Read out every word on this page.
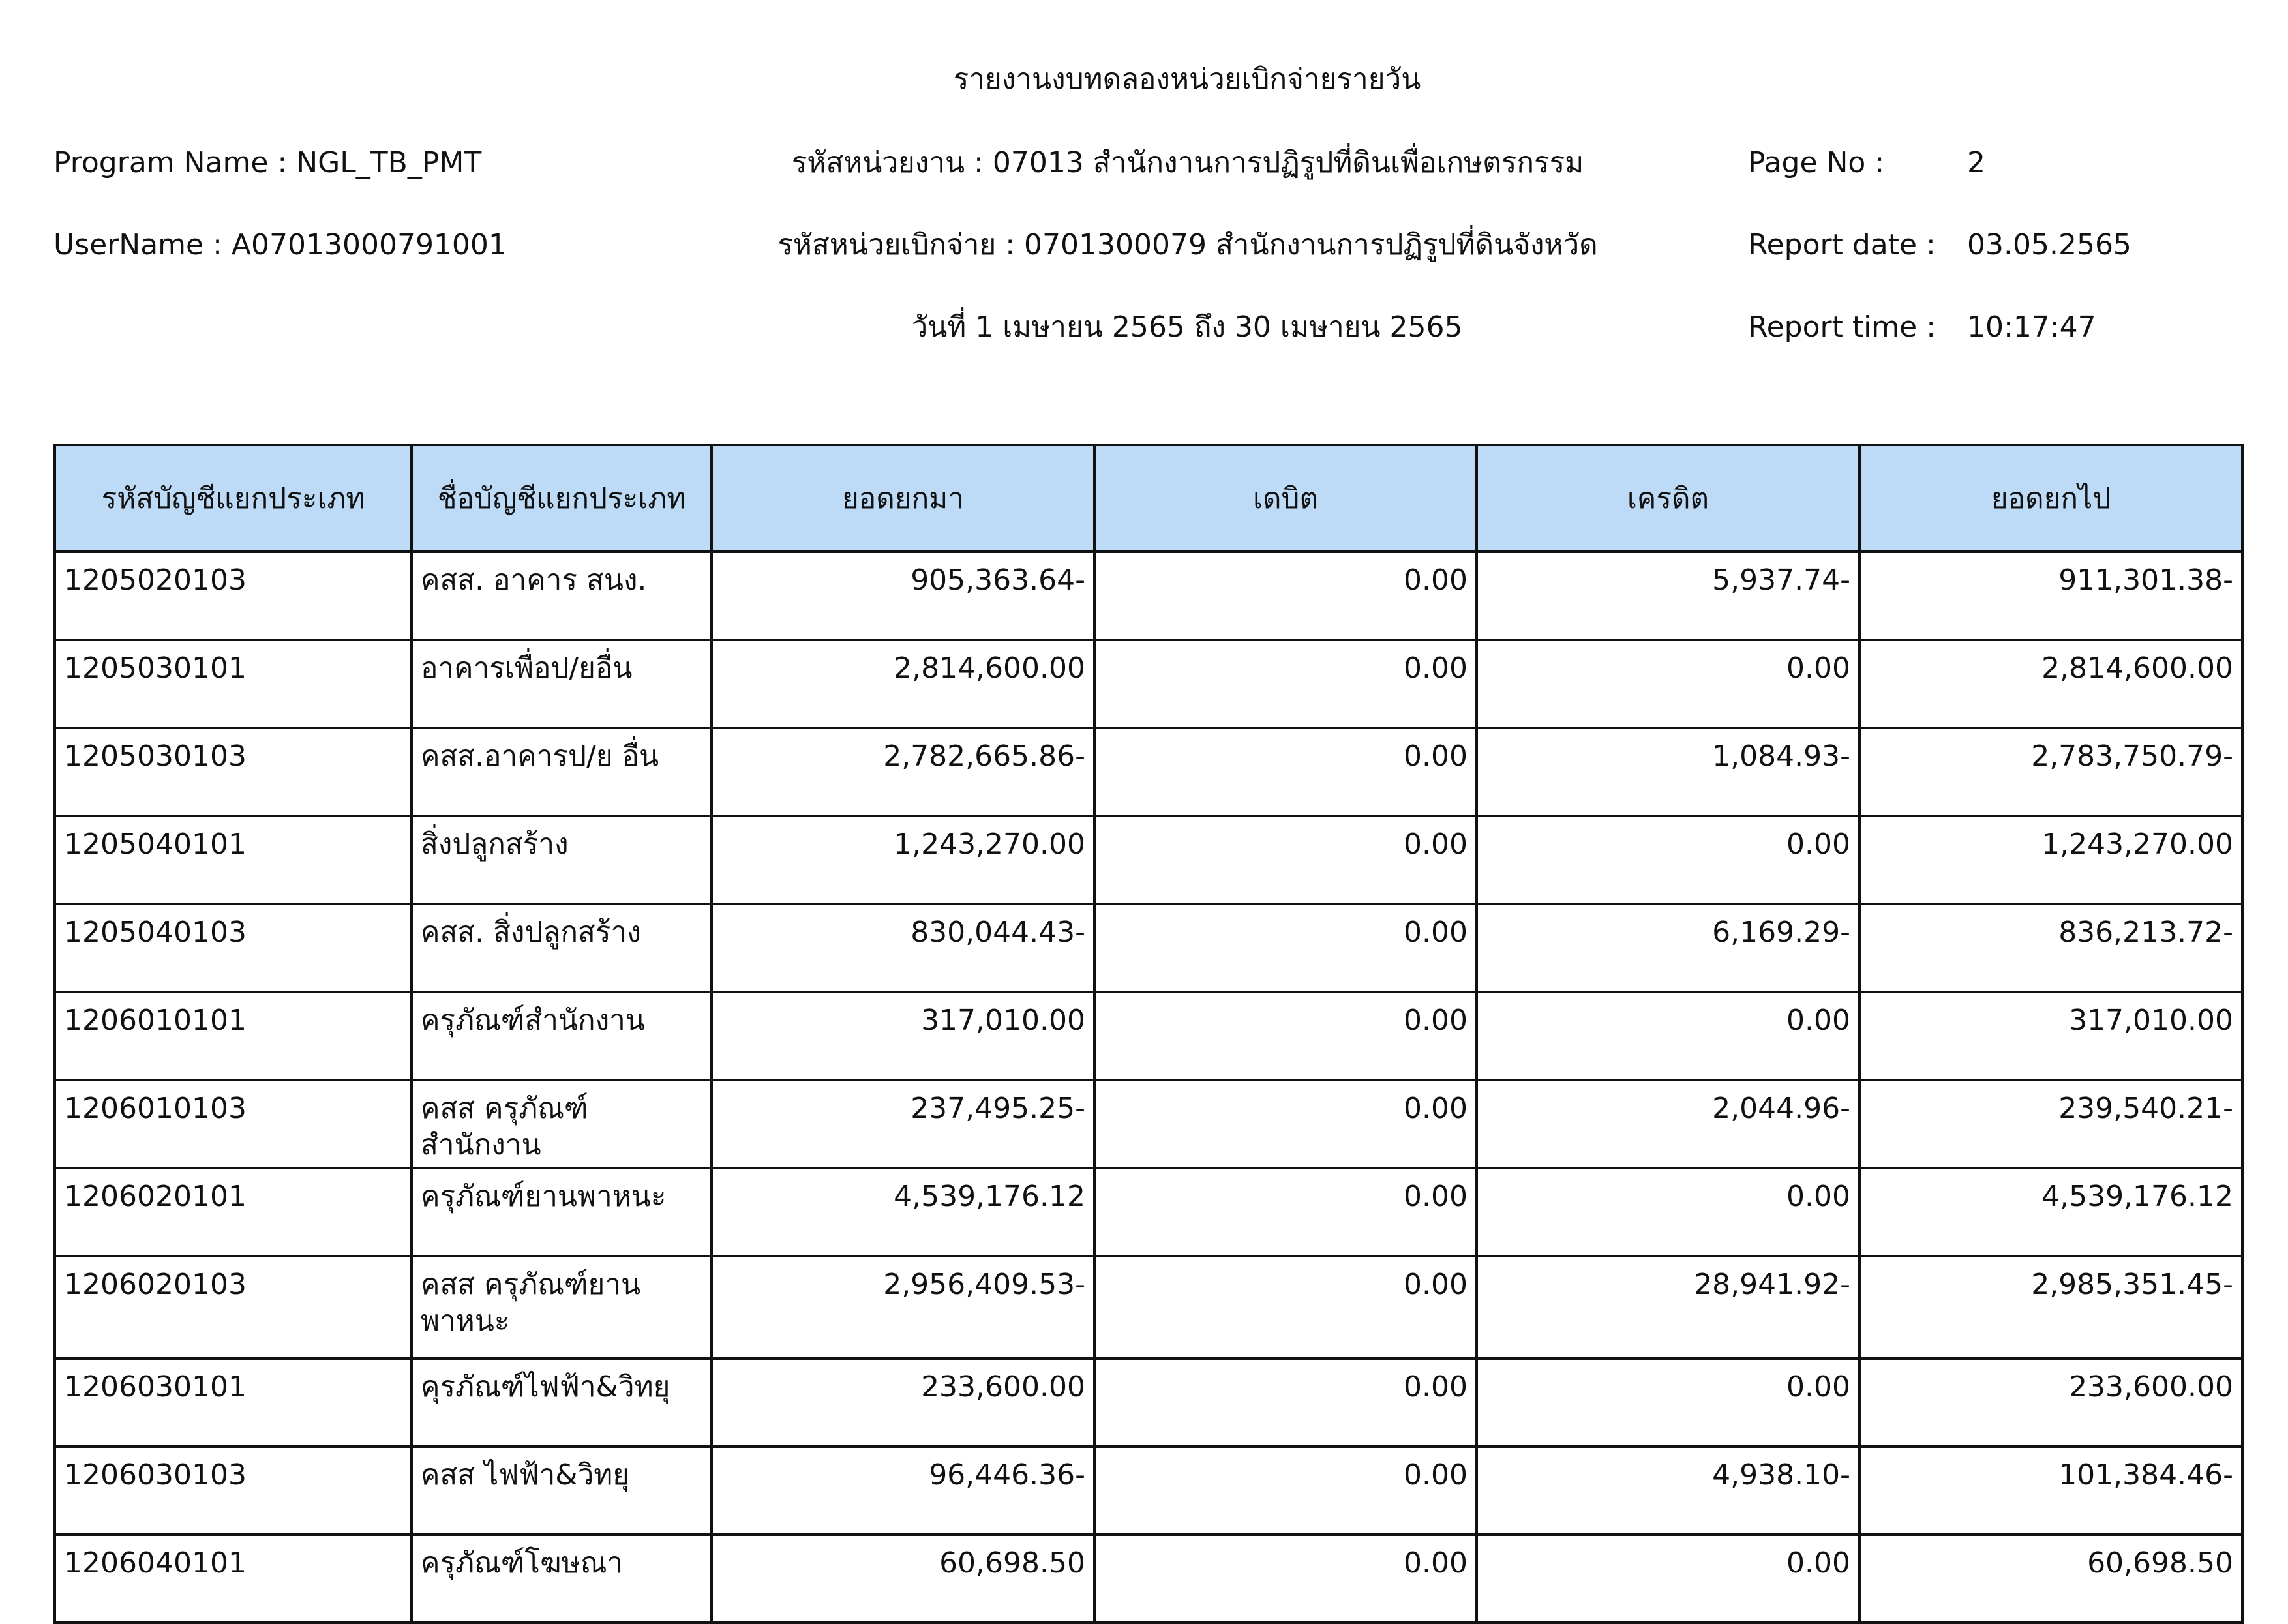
รายงานงบทดลองหน่วยเบิกจ่ายรายวัน
Program Name : NGL_TB_PMT	รหัสหน่วยงาน : 07013 สำนักงานการปฏิรูปที่ดินเพื่อเกษตรกรรม	Page No :	2
UserName : A07013000791001	รหัสหน่วยเบิกจ่าย : 0701300079 สำนักงานการปฏิรูปที่ดินจังหวัด	Report date : 03.05.2565
วันที่ 1 เมษายน 2565 ถึง 30 เมษายน 2565	Report time : 10:17:47
รหัสบัญชีแยกประเภท	ชื่อบัญชีแยกประเภท	ยอดยกมา	เดบิต	เครดิต	ยอดยกไป
1205020103	คสส. อาคาร สนง.	905,363.64-	0.00	5,937.74-	911,301.38-
1205030101	อาคารเพื่อป/ยอื่น	2,814,600.00	0.00	0.00	2,814,600.00
1205030103	คสส.อาคารป/ย อื่น	2,782,665.86-	0.00	1,084.93-	2,783,750.79-
1205040101	สิ่งปลูกสร้าง	1,243,270.00	0.00	0.00	1,243,270.00
1205040103	คสส. สิ่งปลูกสร้าง	830,044.43-	0.00	6,169.29-	836,213.72-
1206010101	ครุภัณฑ์สำนักงาน	317,010.00	0.00	0.00	317,010.00
1206010103	คสส ครุภัณฑ์สำนักงาน	237,495.25-	0.00	2,044.96-	239,540.21-
1206020101	ครุภัณฑ์ยานพาหนะ	4,539,176.12	0.00	0.00	4,539,176.12
1206020103	คสส ครุภัณฑ์ยานพาหนะ	2,956,409.53-	0.00	28,941.92-	2,985,351.45-
1206030101	คุรภัณฑ์ไฟฟ้า&วิทยุ	233,600.00	0.00	0.00	233,600.00
1206030103	คสส ไฟฟ้า&วิทยุ	96,446.36-	0.00	4,938.10-	101,384.46-
1206040101	ครุภัณฑ์โฆษณา	60,698.50	0.00	0.00	60,698.50
